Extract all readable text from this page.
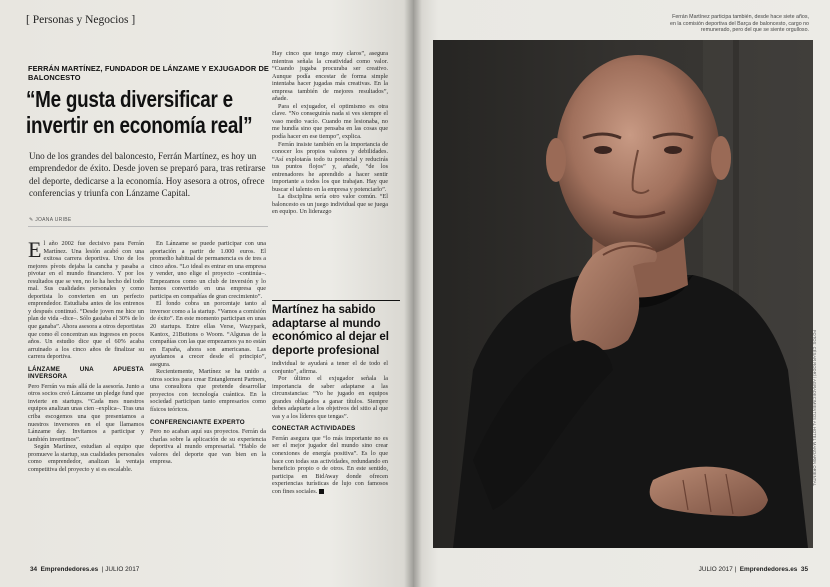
[ Personas y Negocios ]
FERRÁN MARTÍNEZ, FUNDADOR DE LÁNZAME Y EXJUGADOR DE BALONCESTO
“Me gusta diversificar e invertir en economía real”
Uno de los grandes del baloncesto, Ferrán Martínez, es hoy un emprendedor de éxito. Desde joven se preparó para, tras retirarse del deporte, dedicarse a la economía. Hoy asesora a otros, ofrece conferencias y triunfa con Lánzame Capital.
✎ JOANA URIBE

El año 2002 fue decisivo para Ferrán Martínez. Una lesión acabó con una exitosa carrera deportiva. Uno de los mejores pívots dejaba la cancha y pasaba a pivotar en el mundo financiero. Y por los resultados que se ven, no lo ha hecho del todo mal. Sus cualidades personales y como deportista lo convierten en un perfecto emprendedor. Estudiaba antes de los entrenos y después continuó. “Desde joven me hice un plan de vida –dice–. Sólo gastaba el 30% de lo que ganaba”. Ahora asesora a otros deportistas que como él concentran sus ingresos en pocos años. Un estudio dice que el 60% acaba arruinado a los cinco años de finalizar su carrera deportiva.

LÁNZAME UNA APUESTA INVERSORA

Pero Ferrán va más allá de la asesoría. Junto a otros socios creó Lánzame un pledge fund que invierte en startups. “Cada mes nuestros equipos analizan unas cien –explica–. Tras una criba escogemos una que presentamos a nuestros inversores en el que llamamos Lánzame day. Invitamos a participar y también invertimos”.

Según Martínez, estudian al equipo que promueve la startup, sus cualidades personales como emprendedor, analizan la ventaja competitiva del proyecto y si es escalable.

En Lánzame se puede participar con una aportación a partir de 1.000 euros. El promedio habitual de permanencia es de tres a cinco años. “Lo ideal es entrar en una empresa y vender, uno elige el proyecto –continúa–. Empezamos como un club de inversión y lo hemos convertido en una empresa que participa en compañías de gran crecimiento”.

El fondo cobra un porcentaje tanto al inversor como a la startup. “Vamos a comisión de éxito”. En este momento participan en unas 20 startups. Entre ellas Verse, Wazypark, Kantox, 21Buttons o Woom. “Algunas de la compañías con las que empezamos ya no están en España, ahora son americanas. Las ayudamos a crecer desde el principio”, asegura.

Recientemente, Martínez se ha unido a otros socios para crear Entanglement Partners, una consultora que pretende desarrollar proyectos con tecnología cuántica. En la sociedad participan tanto empresarios como físicos teóricos.

CONFERENCIANTE EXPERTO

Pero no acaban aquí sus proyectos. Ferrán da charlas sobre la aplicación de su experiencia deportiva al mundo empresarial. “Hablo de valores del deporte que van bien en la empresa.

Hay cinco que tengo muy claros”, asegura mientras señala la creatividad como valor. “Cuando jugaba procuraba ser creativo. Aunque podía encestar de forma simple intentaba hacer jugadas más creativas. En la empresa también de mejores resultados”, añade.

Para el exjugador, el optimismo es otra clave. “No conseguirás nada si ves siempre el vaso medio vacío. Cuando me lesionaba, no me hundía sino que pensaba en las cosas que podía hacer en ese tiempo”, explica.

Ferrán insiste también en la importancia de conocer los propios valores y debilidades. “Así explotarás todo tu potencial y reducirás tus puntos flojos” y, añade, “de los entrenadores he aprendido a hacer sentir importante a todos los que trabajan. Hay que buscar el talento en la empresa y potenciarlo”.

La disciplina sería otro valor común. “El baloncesto es un juego individual que se juega en equipo. Un liderazgo

Martínez ha sabido adaptarse al mundo económico al dejar el deporte profesional

individual te ayudará a tener el de todo el conjunto”, afirma.

Por último el exjugador señala la importancia de saber adaptarse a las circunstancias: “Yo he jugado en equipos grandes obligados a ganar títulos. Siempre debes adaptarte a los objetivos del sitio al que vas y a los líderes que tengas”.

CONECTAR ACTIVIDADES

Ferrán asegura que “lo más importante no es ser el mejor jugador del mundo sino crear conexiones de energía positiva”. Es lo que hace con todas sus actividades, redundando en beneficio propio o de otros. En este sentido, participa en BidAway donde ofrecen experiencias turísticas de lujo con famosos con fines sociales.

34 Emprendedores.es  | JULIO 2017
Ferrán Martínez participa también, desde hace siete años, en la comisión deportiva del Barça de baloncesto, cargo no remunerado, pero del que se siente orgulloso.
FOTOS: CÉSAR RODRÍ / AGRADECIMIENTOS AL HOTEL MANDARIN ORIENTAL
JULIO 2017 |  Emprendedores.es 35
